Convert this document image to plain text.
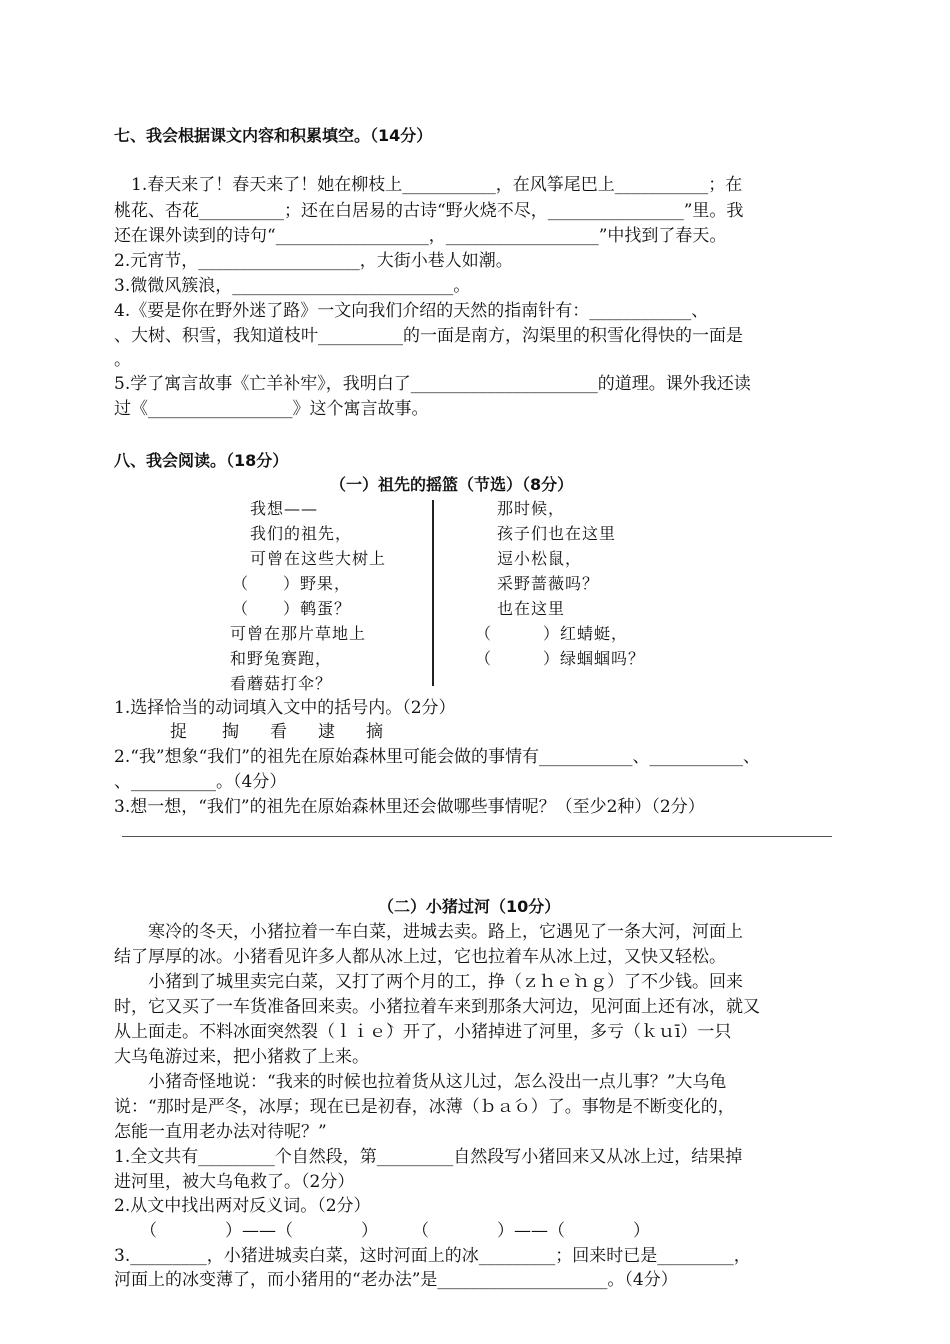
七、我会根据课文内容和积累填空。（14分）
　1.春天来了！春天来了！她在柳枝上___________，在风筝尾巴上___________；在
桃花、杏花__________；还在白居易的古诗“野火烧不尽，________________”里。我
还在课外读到的诗句“__________________，__________________”中找到了春天。
2.元宵节，___________________，大街小巷人如潮。
3.微微风簇浪，__________________________。
4.《要是你在野外迷了路》一文向我们介绍的天然的指南针有：____________、
、大树、积雪，我知道枝叶__________的一面是南方，沟渠里的积雪化得快的一面是
。
5.学了寓言故事《亡羊补牢》，我明白了______________________的道理。课外我还读
过《_________________》这个寓言故事。
八、我会阅读。（18分）
（一）祖先的摇篮（节选）（8分）
我想——
我们的祖先，
可曾在这些大树上
（　　）野果，
（　　）鹌蛋？
可曾在那片草地上
和野兔赛跑，
看蘑菇打伞？
那时候，
孩子们也在这里
逗小松鼠，
采野蔷薇吗？
也在这里
（　　　）红蜻蜓，
（　　　）绿蝈蝈吗？
1.选择恰当的动词填入文中的括号内。（2分）
捉 掏 看 逮 摘
2.“我”想象“我们”的祖先在原始森林里可能会做的事情有___________、___________、
、__________。（4分）
3.想一想，“我们”的祖先在原始森林里还会做哪些事情呢？（至少2种）（2分）
（二）小猪过河（10分）
　　寒冷的冬天，小猪拉着一车白菜，进城去卖。路上，它遇见了一条大河，河面上
结了厚厚的冰。小猪看见许多人都从冰上过，它也拉着车从冰上过，又快又轻松。
　　小猪到了城里卖完白菜，又打了两个月的工，挣（ｚｈｅ̀ｎｇ）了不少钱。回来
时，它又买了一车货准备回来卖。小猪拉着车来到那条大河边，见河面上还有冰，就又
从上面走。不料冰面突然裂（ｌｉｅ̀）开了，小猪掉进了河里，多亏（ｋｕī）一只
大乌龟游过来，把小猪救了上来。
　　小猪奇怪地说：“我来的时候也拉着货从这儿过，怎么没出一点儿事？”大乌龟
说：“那时是严冬，冰厚；现在已是初春，冰薄（ｂａ́ｏ）了。事物是不断变化的，
怎能一直用老办法对待呢？”
1.全文共有_________个自然段，第_________自然段写小猪回来又从冰上过，结果掉
进河里，被大乌龟救了。（2分）
2.从文中找出两对反义词。（2分）
（　　　　）——（　　　　）　　　（　　　　）——（　　　　）
3._________，小猪进城卖白菜，这时河面上的冰_________；回来时已是_________，
河面上的冰变薄了，而小猪用的“老办法”是____________________。（4分）
